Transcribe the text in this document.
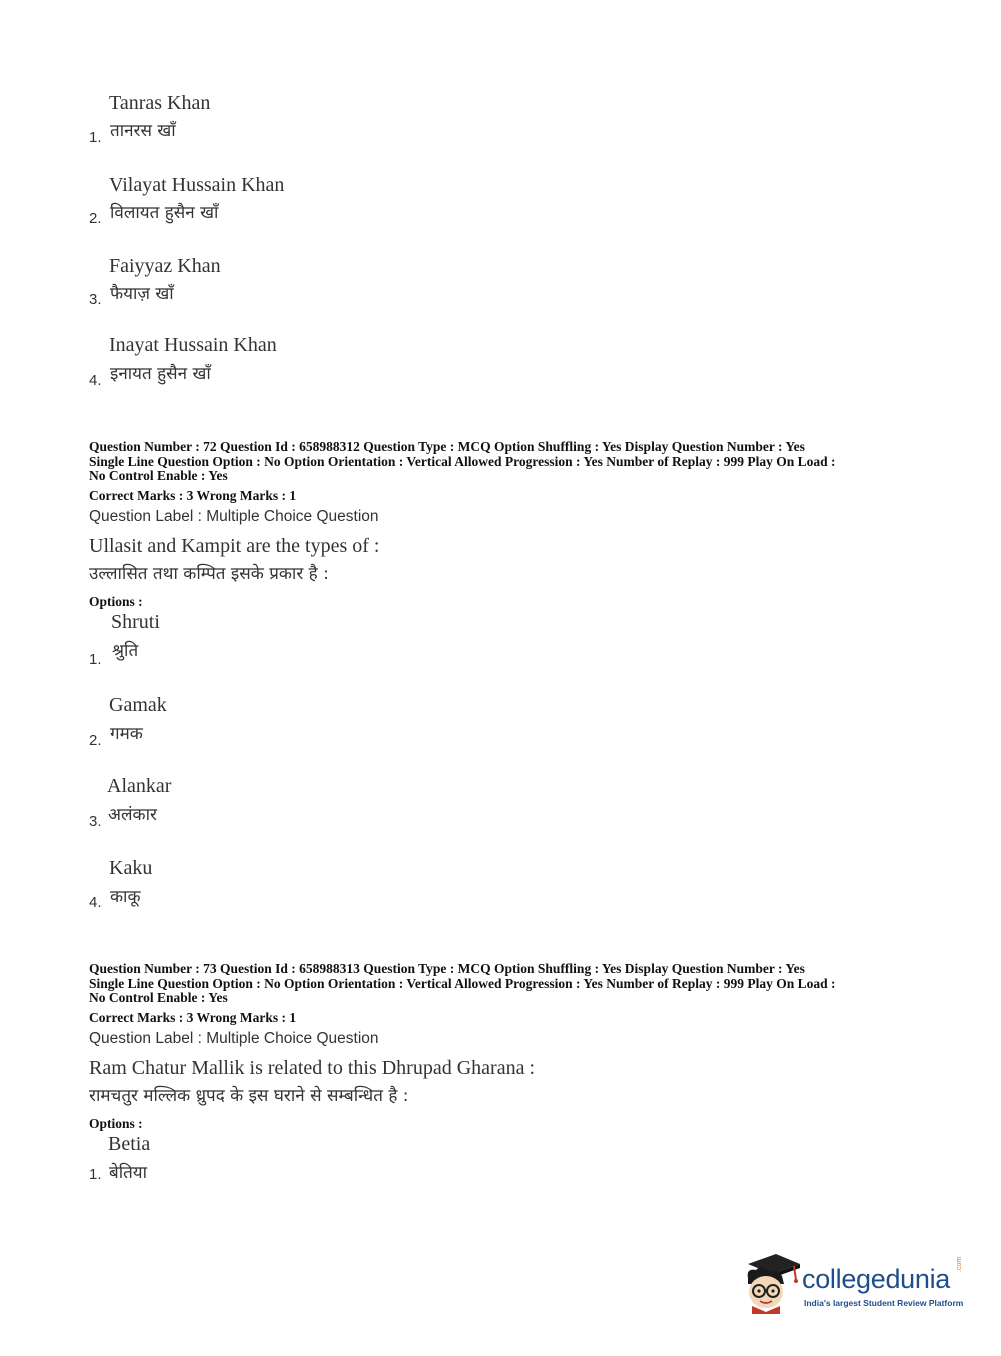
Tanras Khan
तानरस खाँ
1.
Vilayat Hussain Khan
विलायत हुसैन खाँ
2.
Faiyyaz Khan
फैयाज़ खाँ
3.
Inayat Hussain Khan
इनायत हुसैन खाँ
4.
Question Number : 72 Question Id : 658988312 Question Type : MCQ Option Shuffling : Yes Display Question Number : Yes
Single Line Question Option : No Option Orientation : Vertical Allowed Progression : Yes Number of Replay : 999 Play On Load :
No Control Enable : Yes
Correct Marks : 3 Wrong Marks : 1
Question Label : Multiple Choice Question
Ullasit and Kampit are the types of :
उल्लासित तथा कम्पित इसके प्रकार है :
Options :
Shruti
श्रुति
1.
Gamak
गमक
2.
Alankar
अलंकार
3.
Kaku
काकू
4.
Question Number : 73 Question Id : 658988313 Question Type : MCQ Option Shuffling : Yes Display Question Number : Yes
Single Line Question Option : No Option Orientation : Vertical Allowed Progression : Yes Number of Replay : 999 Play On Load :
No Control Enable : Yes
Correct Marks : 3 Wrong Marks : 1
Question Label : Multiple Choice Question
Ram Chatur Mallik is related to this Dhrupad Gharana :
रामचतुर मल्लिक ध्रुपद के इस घराने से सम्बन्धित है :
Options :
Betia
बेतिया
1.
collegedunia .com
India's largest Student Review Platform
